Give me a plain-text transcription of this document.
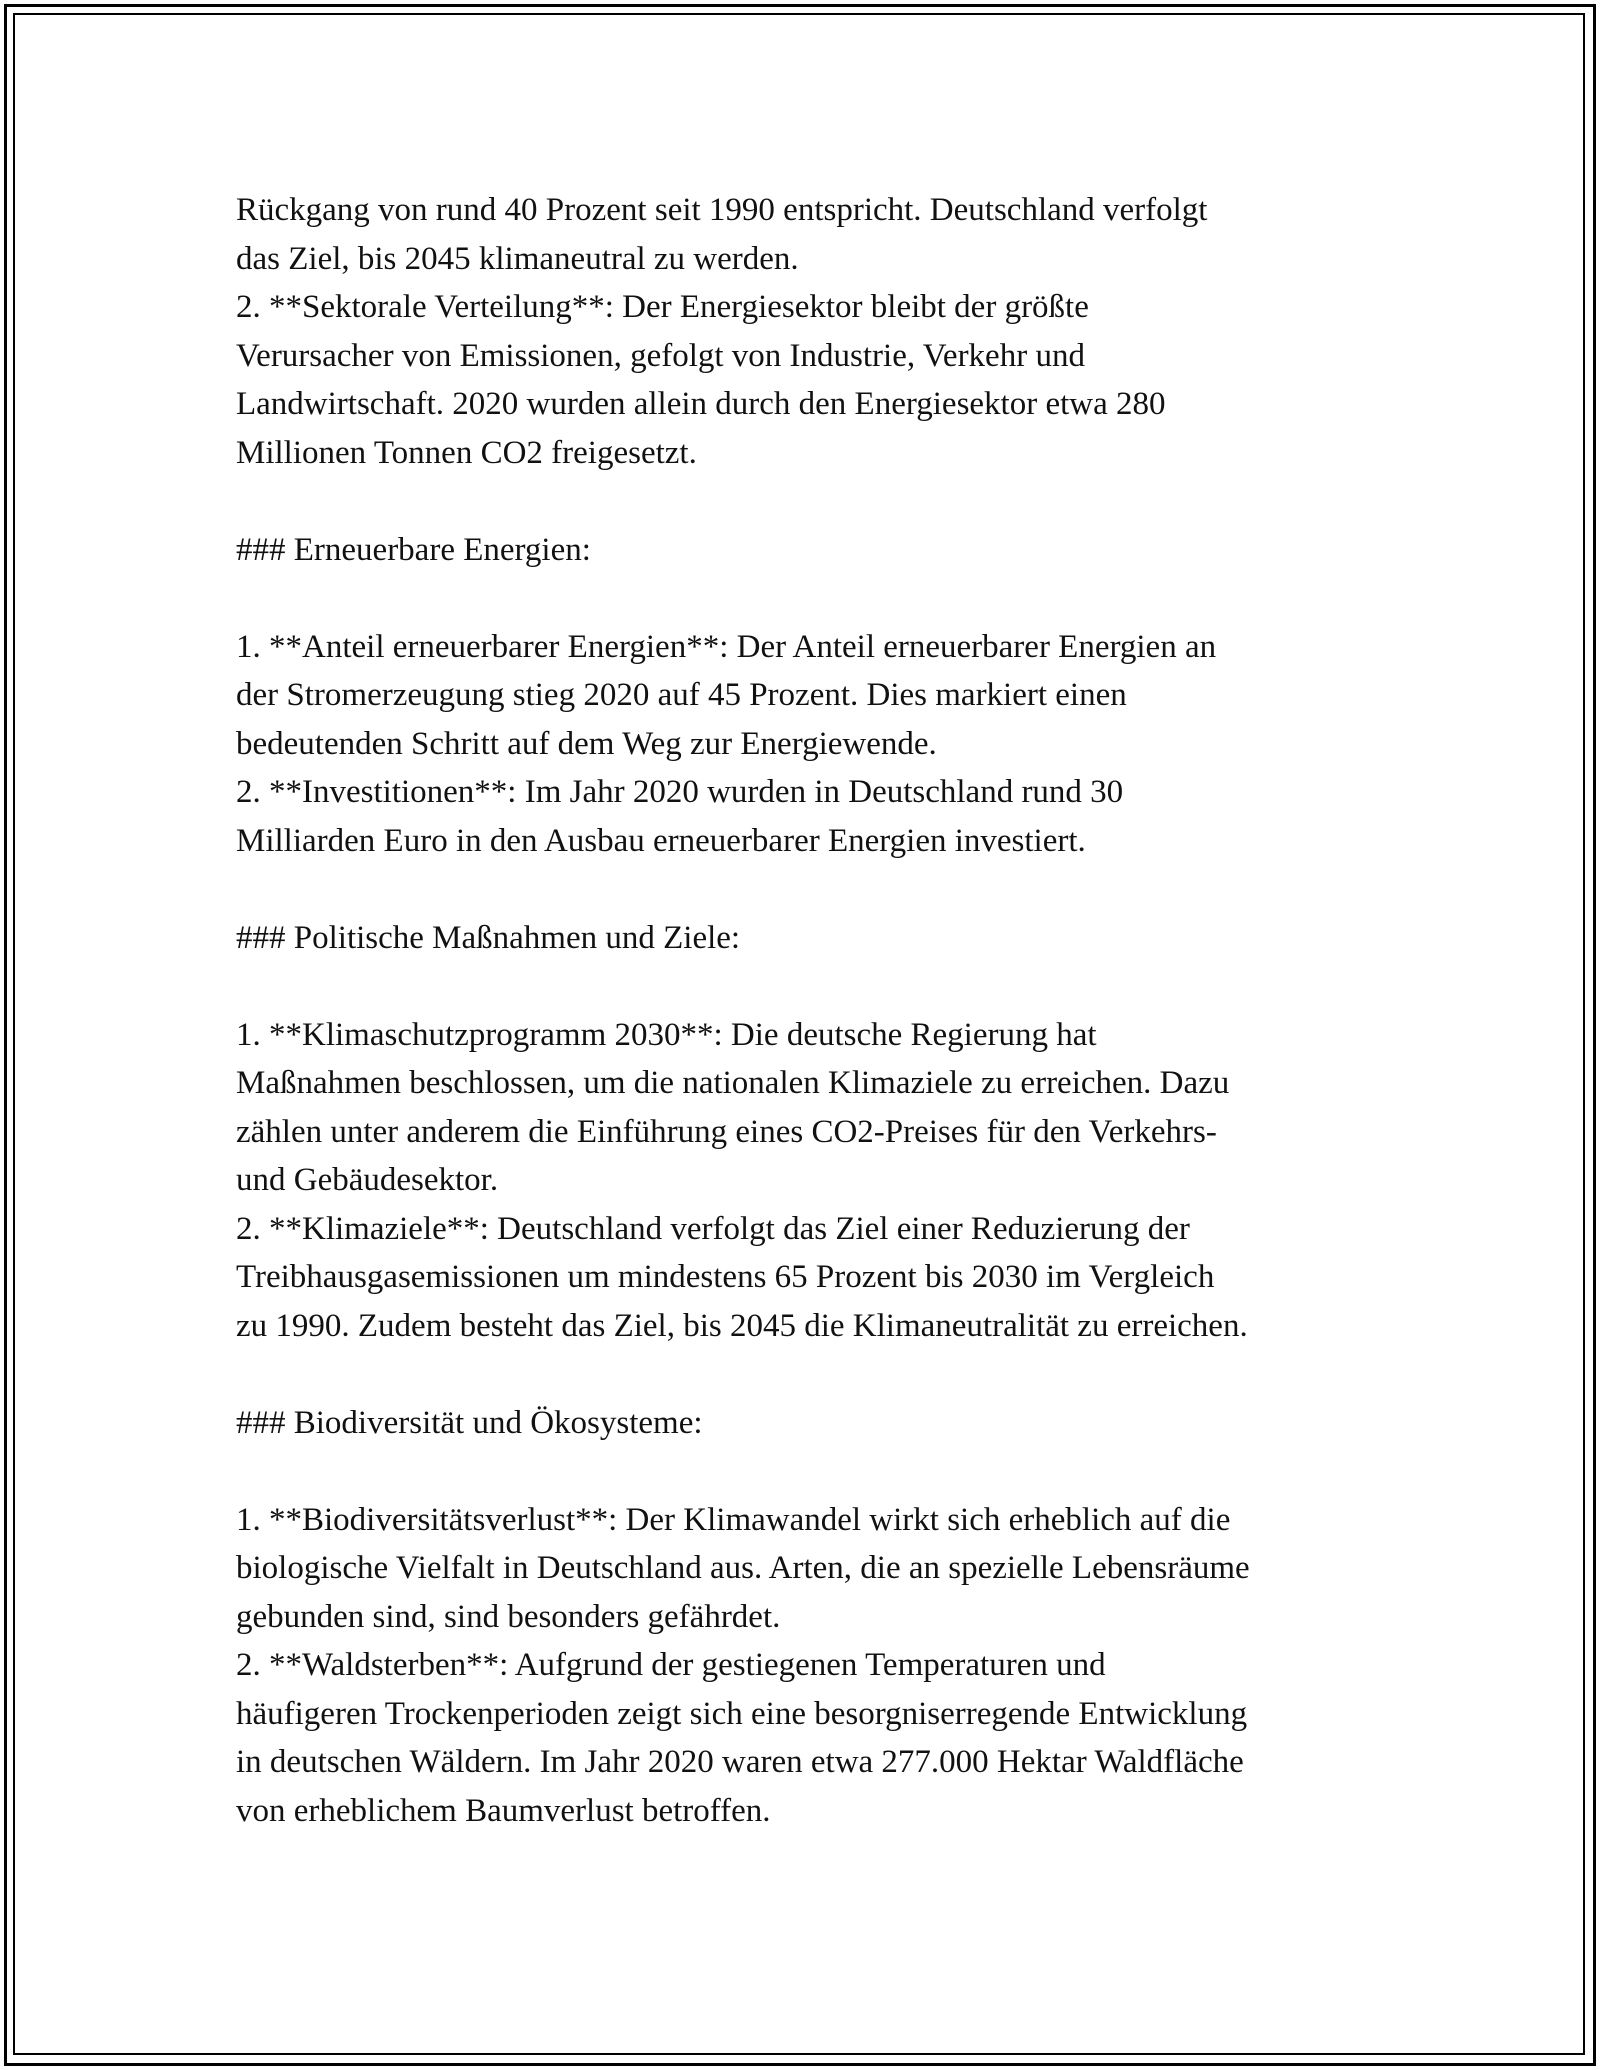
Rückgang von rund 40 Prozent seit 1990 entspricht. Deutschland verfolgt
das Ziel, bis 2045 klimaneutral zu werden.
2. **Sektorale Verteilung**: Der Energiesektor bleibt der größte
Verursacher von Emissionen, gefolgt von Industrie, Verkehr und
Landwirtschaft. 2020 wurden allein durch den Energiesektor etwa 280
Millionen Tonnen CO2 freigesetzt.

### Erneuerbare Energien:

1. **Anteil erneuerbarer Energien**: Der Anteil erneuerbarer Energien an
der Stromerzeugung stieg 2020 auf 45 Prozent. Dies markiert einen
bedeutenden Schritt auf dem Weg zur Energiewende.
2. **Investitionen**: Im Jahr 2020 wurden in Deutschland rund 30
Milliarden Euro in den Ausbau erneuerbarer Energien investiert.

### Politische Maßnahmen und Ziele:

1. **Klimaschutzprogramm 2030**: Die deutsche Regierung hat
Maßnahmen beschlossen, um die nationalen Klimaziele zu erreichen. Dazu
zählen unter anderem die Einführung eines CO2-Preises für den Verkehrs-
und Gebäudesektor.
2. **Klimaziele**: Deutschland verfolgt das Ziel einer Reduzierung der
Treibhausgasemissionen um mindestens 65 Prozent bis 2030 im Vergleich
zu 1990. Zudem besteht das Ziel, bis 2045 die Klimaneutralität zu erreichen.

### Biodiversität und Ökosysteme:

1. **Biodiversitätsverlust**: Der Klimawandel wirkt sich erheblich auf die
biologische Vielfalt in Deutschland aus. Arten, die an spezielle Lebensräume
gebunden sind, sind besonders gefährdet.
2. **Waldsterben**: Aufgrund der gestiegenen Temperaturen und
häufigeren Trockenperioden zeigt sich eine besorgniserregende Entwicklung
in deutschen Wäldern. Im Jahr 2020 waren etwa 277.000 Hektar Waldfläche
von erheblichem Baumverlust betroffen.
